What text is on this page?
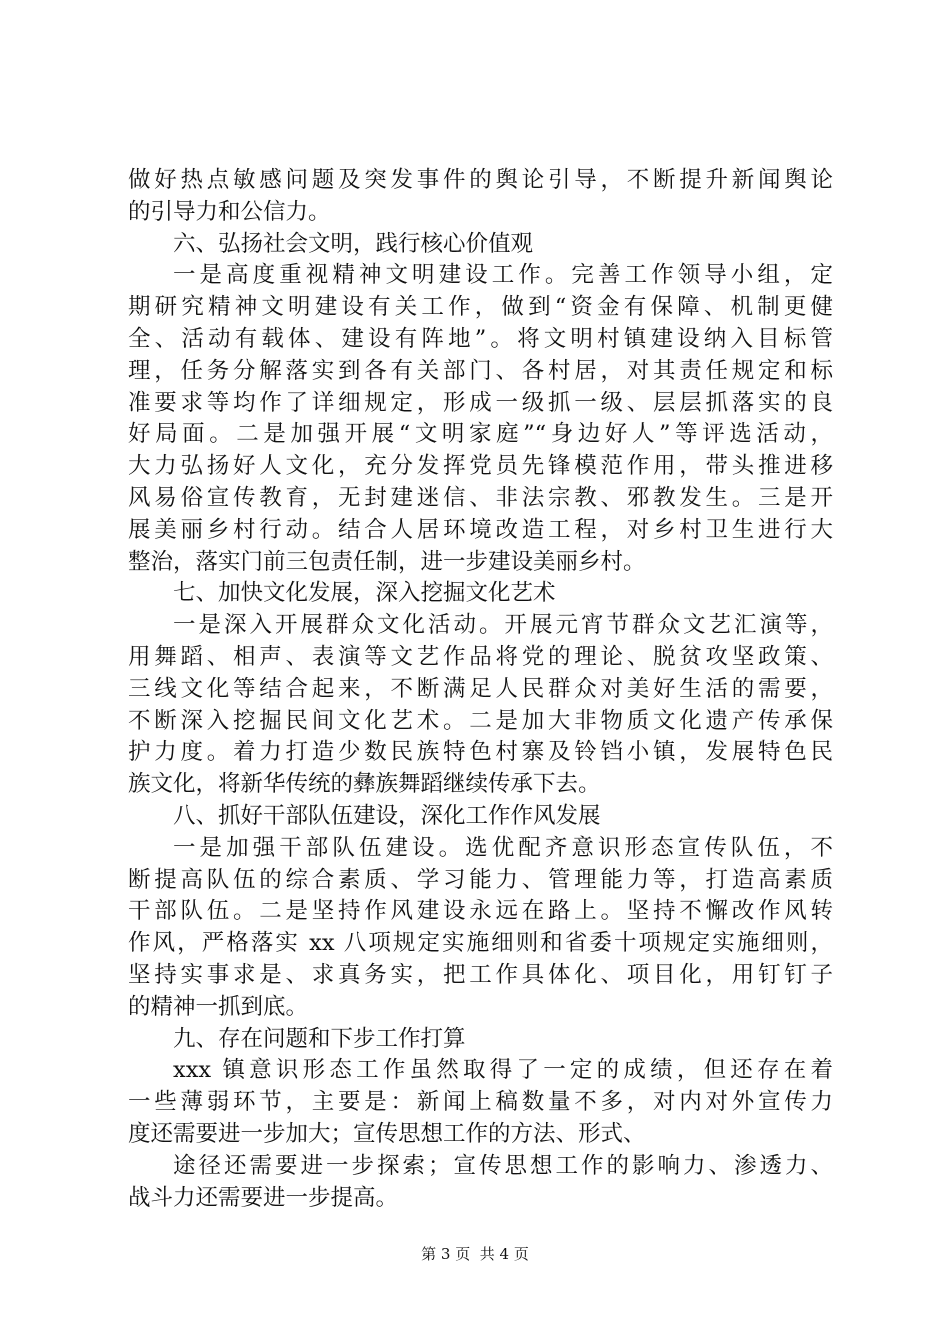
做好热点敏感问题及突发事件的舆论引导，不断提升新闻舆论
的引导力和公信力。
六、弘扬社会文明，践行核心价值观
一是高度重视精神文明建设工作。完善工作领导小组，定
期研究精神文明建设有关工作，做到“资金有保障、机制更健
全、活动有载体、建设有阵地”。将文明村镇建设纳入目标管
理，任务分解落实到各有关部门、各村居，对其责任规定和标
准要求等均作了详细规定，形成一级抓一级、层层抓落实的良
好局面。二是加强开展“文明家庭”“身边好人”等评选活动，
大力弘扬好人文化，充分发挥党员先锋模范作用，带头推进移
风易俗宣传教育，无封建迷信、非法宗教、邪教发生。三是开
展美丽乡村行动。结合人居环境改造工程，对乡村卫生进行大
整治，落实门前三包责任制，进一步建设美丽乡村。
七、加快文化发展，深入挖掘文化艺术
一是深入开展群众文化活动。开展元宵节群众文艺汇演等，
用舞蹈、相声、表演等文艺作品将党的理论、脱贫攻坚政策、
三线文化等结合起来，不断满足人民群众对美好生活的需要，
不断深入挖掘民间文化艺术。二是加大非物质文化遗产传承保
护力度。着力打造少数民族特色村寨及铃铛小镇，发展特色民
族文化，将新华传统的彝族舞蹈继续传承下去。
八、抓好干部队伍建设，深化工作作风发展
一是加强干部队伍建设。选优配齐意识形态宣传队伍，不
断提高队伍的综合素质、学习能力、管理能力等，打造高素质
干部队伍。二是坚持作风建设永远在路上。坚持不懈改作风转
作风，严格落实 xx 八项规定实施细则和省委十项规定实施细则，
坚持实事求是、求真务实，把工作具体化、项目化，用钉钉子
的精神一抓到底。
九、存在问题和下步工作打算
xxx 镇意识形态工作虽然取得了一定的成绩，但还存在着
一些薄弱环节，主要是：新闻上稿数量不多，对内对外宣传力
度还需要进一步加大；宣传思想工作的方法、形式、
途径还需要进一步探索；宣传思想工作的影响力、渗透力、
战斗力还需要进一步提高。
第 3 页  共 4 页
